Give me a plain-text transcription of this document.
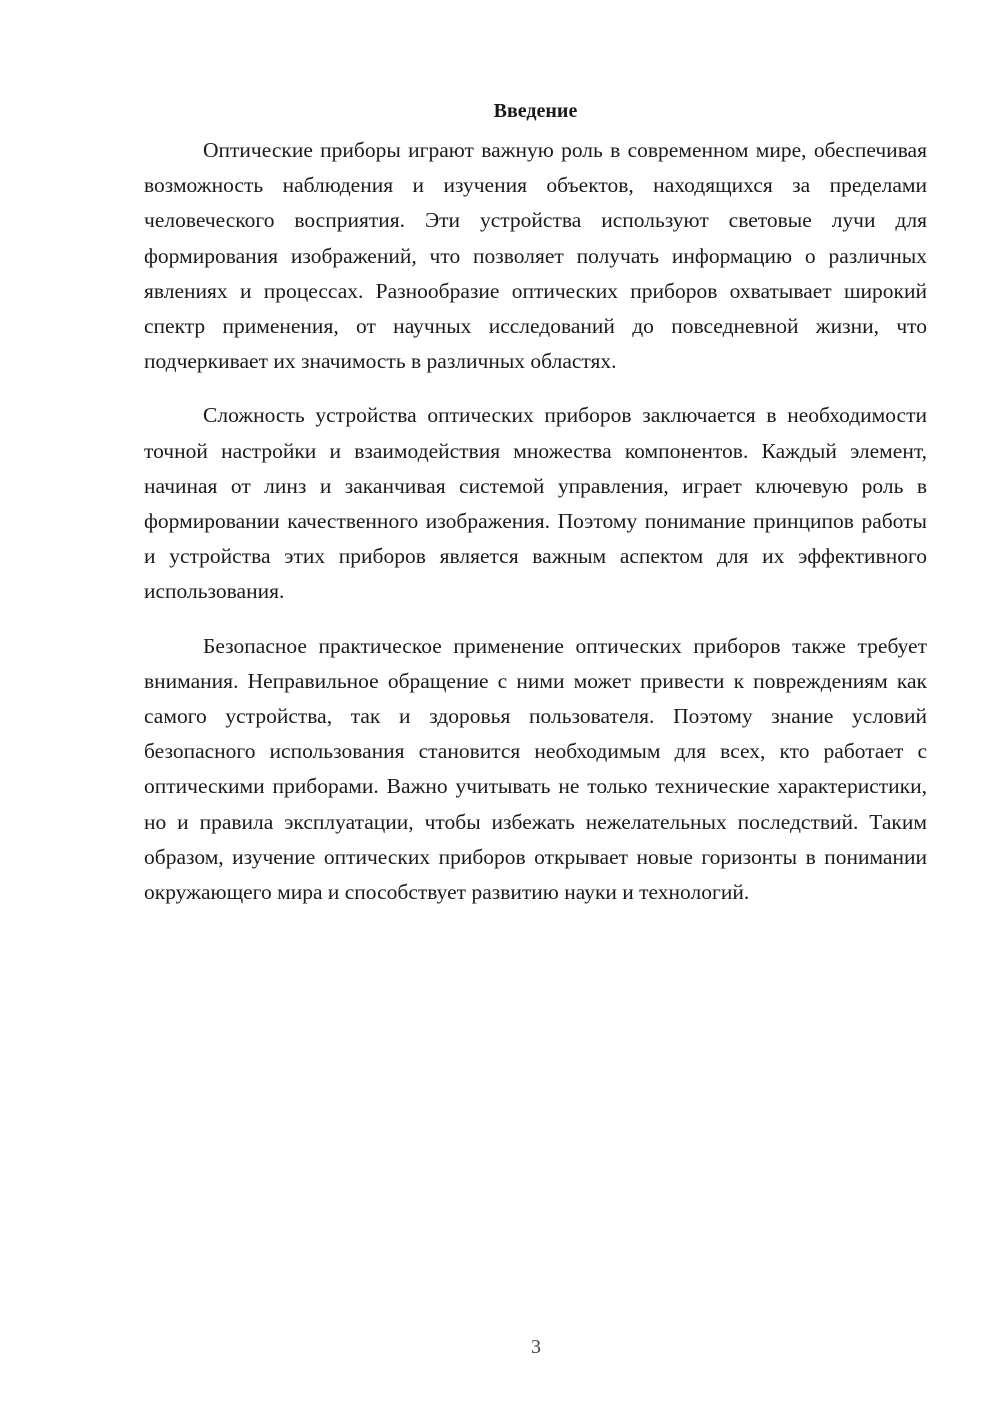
Введение

Оптические приборы играют важную роль в современном мире, обеспечивая возможность наблюдения и изучения объектов, находящихся за пределами человеческого восприятия. Эти устройства используют световые лучи для формирования изображений, что позволяет получать информацию о различных явлениях и процессах. Разнообразие оптических приборов охватывает широкий спектр применения, от научных исследований до повседневной жизни, что подчеркивает их значимость в различных областях.

Сложность устройства оптических приборов заключается в необходимости точной настройки и взаимодействия множества компонентов. Каждый элемент, начиная от линз и заканчивая системой управления, играет ключевую роль в формировании качественного изображения. Поэтому понимание принципов работы и устройства этих приборов является важным аспектом для их эффективного использования.

Безопасное практическое применение оптических приборов также требует внимания. Неправильное обращение с ними может привести к повреждениям как самого устройства, так и здоровья пользователя. Поэтому знание условий безопасного использования становится необходимым для всех, кто работает с оптическими приборами. Важно учитывать не только технические характеристики, но и правила эксплуатации, чтобы избежать нежелательных последствий. Таким образом, изучение оптических приборов открывает новые горизонты в понимании окружающего мира и способствует развитию науки и технологий.

3
